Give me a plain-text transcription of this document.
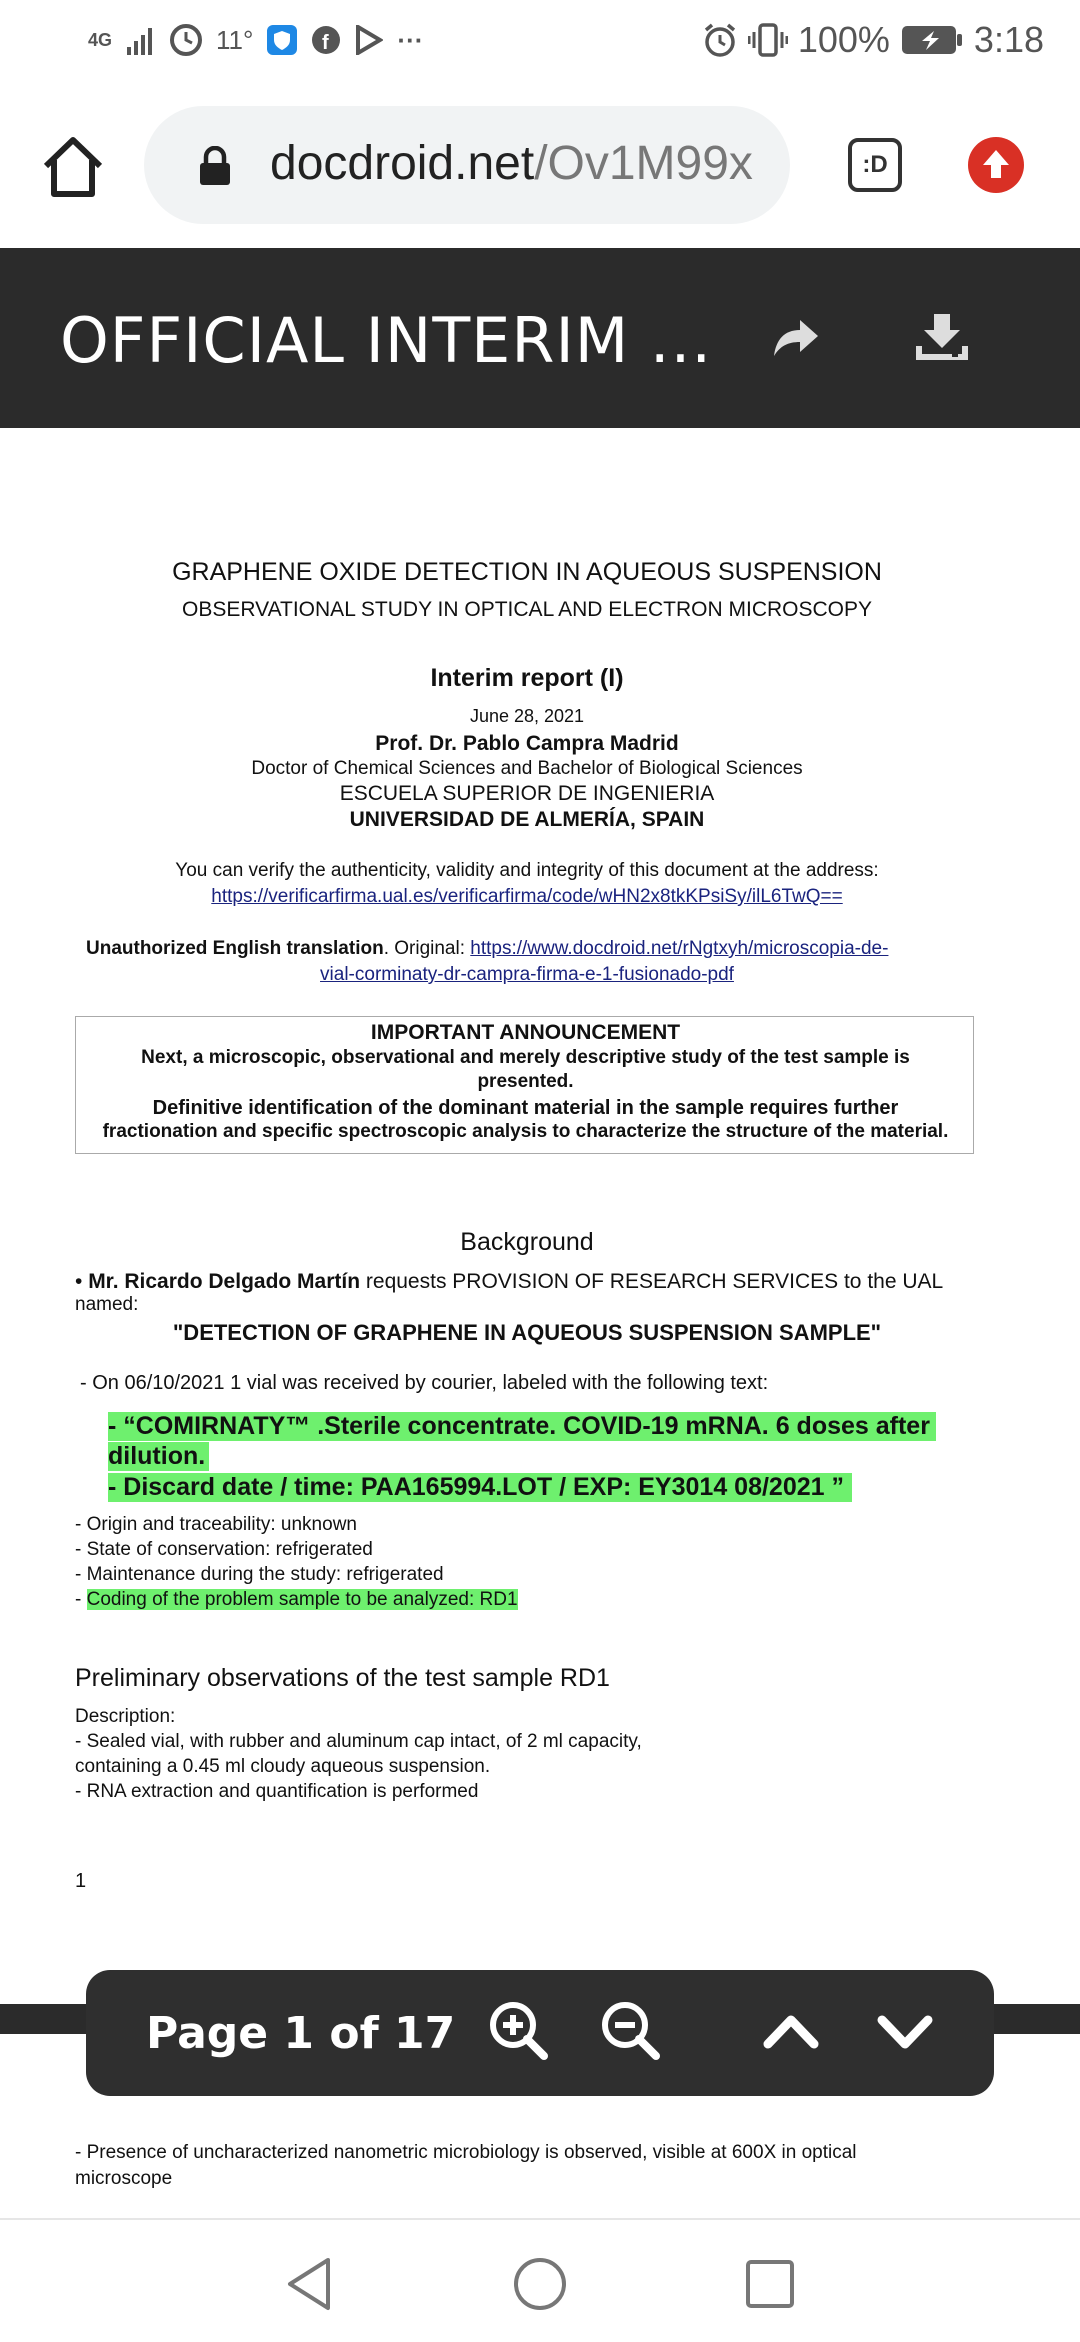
4G	11°	f	···	100% 3:18
docdroid.net/Ov1M99x	:D
OFFICIAL INTERIM ...
GRAPHENE OXIDE DETECTION IN AQUEOUS SUSPENSION
OBSERVATIONAL STUDY IN OPTICAL AND ELECTRON MICROSCOPY
Interim report (I)
June 28, 2021
Prof. Dr. Pablo Campra Madrid
Doctor of Chemical Sciences and Bachelor of Biological Sciences
ESCUELA SUPERIOR DE INGENIERIA
UNIVERSIDAD DE ALMERÍA, SPAIN
You can verify the authenticity, validity and integrity of this document at the address:
https://verificarfirma.ual.es/verificarfirma/code/wHN2x8tkKPsiSy/ilL6TwQ==
Unauthorized English translation. Original: https://www.docdroid.net/rNgtxyh/microscopia-de-
vial-corminaty-dr-campra-firma-e-1-fusionado-pdf
IMPORTANT ANNOUNCEMENT
Next, a microscopic, observational and merely descriptive study of the test sample is
presented.
Definitive identification of the dominant material in the sample requires further
fractionation and specific spectroscopic analysis to characterize the structure of the material.
Background
• Mr. Ricardo Delgado Martín requests PROVISION OF RESEARCH SERVICES to the UAL
named:
"DETECTION OF GRAPHENE IN AQUEOUS SUSPENSION SAMPLE"
- On 06/10/2021 1 vial was received by courier, labeled with the following text:
- “COMIRNATY™ .Sterile concentrate. COVID-19 mRNA. 6 doses after
dilution.
- Discard date / time: PAA165994.LOT / EXP: EY3014 08/2021 ”
- Origin and traceability: unknown
- State of conservation: refrigerated
- Maintenance during the study: refrigerated
- Coding of the problem sample to be analyzed: RD1
Preliminary observations of the test sample RD1
Description:
- Sealed vial, with rubber and aluminum cap intact, of 2 ml capacity,
containing a 0.45 ml cloudy aqueous suspension.
- RNA extraction and quantification is performed
1
- Presence of uncharacterized nanometric microbiology is observed, visible at 600X in optical
microscope
Page 1 of 17
